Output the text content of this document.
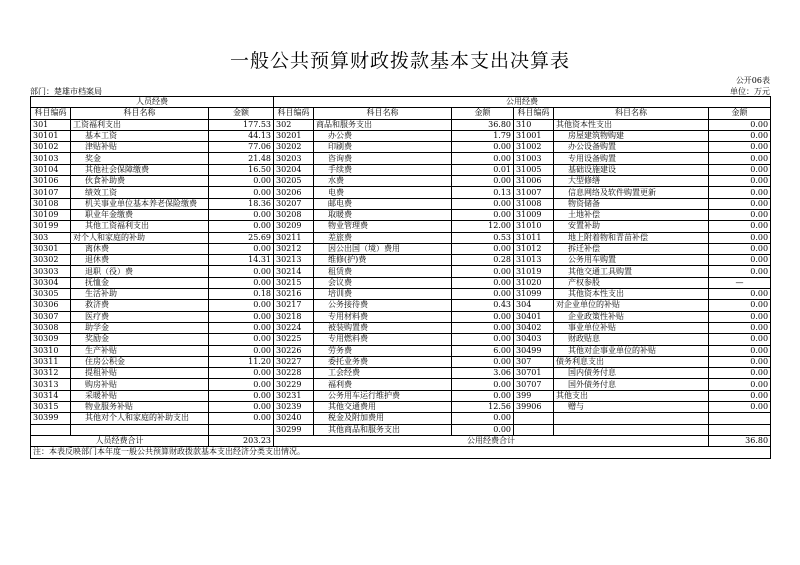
一般公共预算财政拨款基本支出决算表
公开06表
部门：楚雄市档案局	单位：万元
人员经费			公用经费					
科目编码	科目名称	金额	科目编码	科目名称	金额	科目编码	科目名称	金额
301	工资福利支出	177.53	302	商品和服务支出	36.80	310	其他资本性支出	0.00
30101	基本工资	44.13	30201	办公费	1.79	31001	房屋建筑物购建	0.00
30102	津贴补贴	77.06	30202	印刷费	0.00	31002	办公设备购置	0.00
30103	奖金	21.48	30203	咨询费	0.00	31003	专用设备购置	0.00
30104	其他社会保障缴费	16.50	30204	手续费	0.01	31005	基础设施建设	0.00
30106	伙食补助费	0.00	30205	水费	0.00	31006	大型修缮	0.00
30107	绩效工资	0.00	30206	电费	0.13	31007	信息网络及软件购置更新	0.00
30108	机关事业单位基本养老保险缴费	18.36	30207	邮电费	0.00	31008	物资储备	0.00
30109	职业年金缴费	0.00	30208	取暖费	0.00	31009	土地补偿	0.00
30199	其他工资福利支出	0.00	30209	物业管理费	12.00	31010	安置补助	0.00
303	对个人和家庭的补助	25.69	30211	差旅费	0.53	31011	地上附着物和青苗补偿	0.00
30301	离休费	0.00	30212	因公出国（境）费用	0.00	31012	拆迁补偿	0.00
30302	退休费	14.31	30213	维修(护)费	0.28	31013	公务用车购置	0.00
30303	退职（役）费	0.00	30214	租赁费	0.00	31019	其他交通工具购置	0.00
30304	抚恤金	0.00	30215	会议费	0.00	31020	产权参股	—
30305	生活补助	0.18	30216	培训费	0.00	31099	其他资本性支出	0.00
30306	救济费	0.00	30217	公务接待费	0.43	304	对企业单位的补贴	0.00
30307	医疗费	0.00	30218	专用材料费	0.00	30401	企业政策性补贴	0.00
30308	助学金	0.00	30224	被装购置费	0.00	30402	事业单位补贴	0.00
30309	奖励金	0.00	30225	专用燃料费	0.00	30403	财政贴息	0.00
30310	生产补贴	0.00	30226	劳务费	6.00	30499	其他对企事业单位的补贴	0.00
30311	住房公积金	11.20	30227	委托业务费	0.00	307	债务利息支出	0.00
30312	提租补贴	0.00	30228	工会经费	3.06	30701	国内债务付息	0.00
30313	购房补贴	0.00	30229	福利费	0.00	30707	国外债务付息	0.00
30314	采暖补贴	0.00	30231	公务用车运行维护费	0.00	399	其他支出	0.00
30315	物业服务补贴	0.00	30239	其他交通费用	12.56	39906	赠与	0.00
30399	其他对个人和家庭的补助支出	0.00	30240	税金及附加费用	0.00			
			30299	其他商品和服务支出	0.00			
人员经费合计		203.23	公用经费合计					36.80
注：本表反映部门本年度一般公共预算财政拨款基本支出经济分类支出情况。								
